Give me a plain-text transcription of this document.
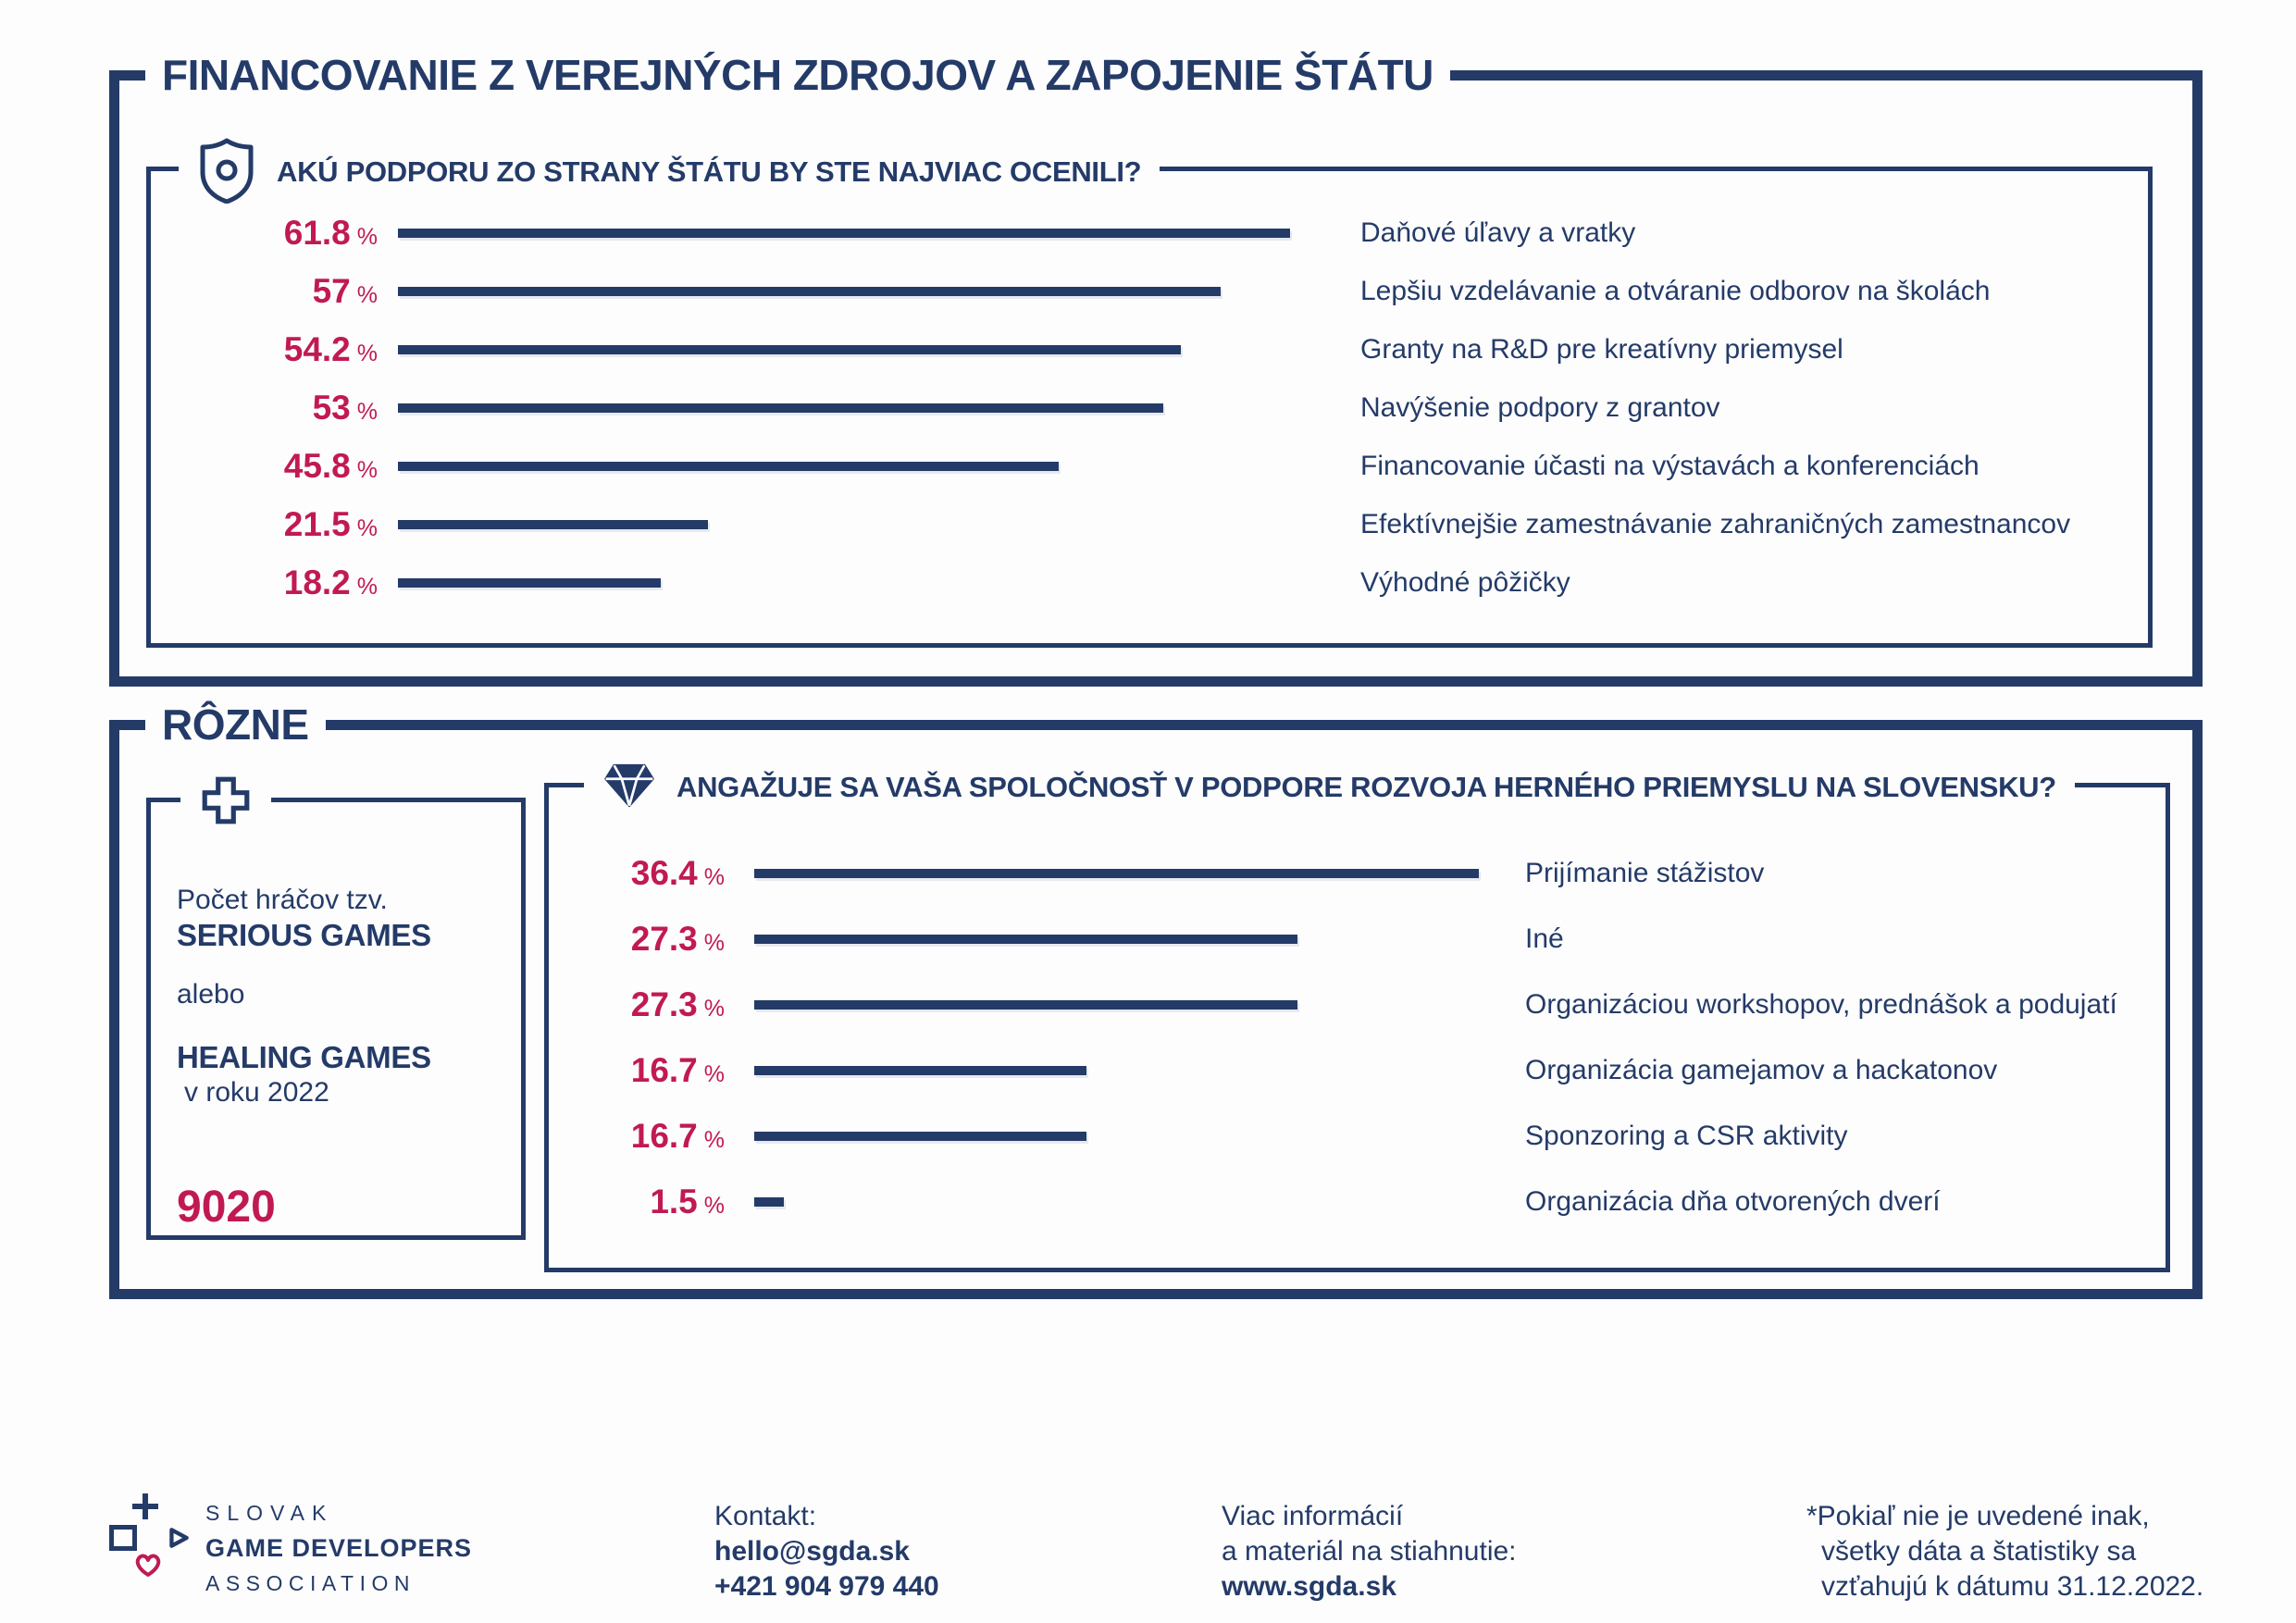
FINANCOVANIE Z VEREJNÝCH ZDROJOV A ZAPOJENIE ŠTÁTU
AKÚ PODPORU ZO STRANY ŠTÁTU BY STE NAJVIAC OCENILI?
61.8 %	Daňové úľavy a vratky
57 %	Lepšiu vzdelávanie a otváranie odborov na školách
54.2 %	Granty na R&D pre kreatívny priemysel
53 %	Navýšenie podpory z grantov
45.8 %	Financovanie účasti na výstavách a konferenciách
21.5 %	Efektívnejšie zamestnávanie zahraničných zamestnancov
18.2 %	Výhodné pôžičky
RÔZNE
Počet hráčov tzv.
SERIOUS GAMES
alebo
HEALING GAMES
v roku 2022
9020
ANGAŽUJE SA VAŠA SPOLOČNOSŤ V PODPORE ROZVOJA HERNÉHO PRIEMYSLU NA SLOVENSKU?
36.4 %	Prijímanie stážistov
27.3 %	Iné
27.3 %	Organizáciou workshopov, prednášok a podujatí
16.7 %	Organizácia gamejamov a hackatonov
16.7 %	Sponzoring a CSR aktivity
1.5 %	Organizácia dňa otvorených dverí
SLOVAK
GAME DEVELOPERS
ASSOCIATION
Kontakt:
hello@sgda.sk
+421 904 979 440
Viac informácií
a materiál na stiahnutie:
www.sgda.sk
*Pokiaľ nie je uvedené inak,
všetky dáta a štatistiky sa
vzťahujú k dátumu 31.12.2022.
